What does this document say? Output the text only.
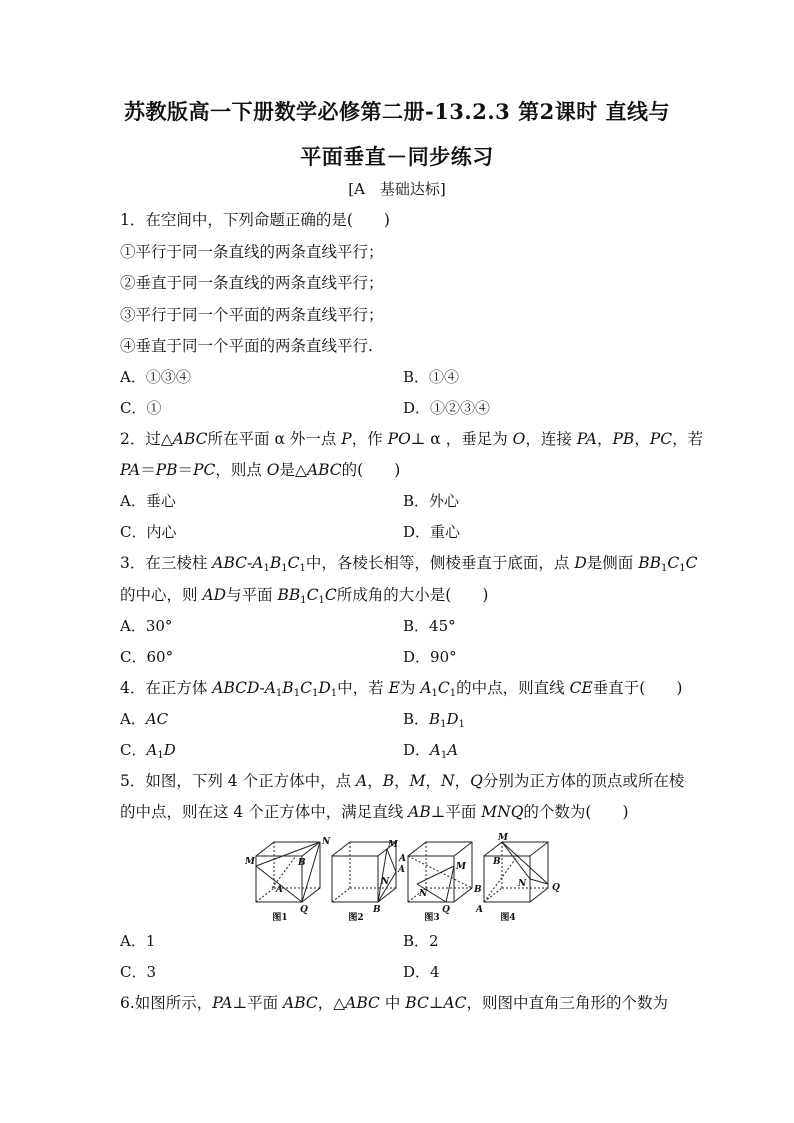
苏教版高一下册数学必修第二册-13.2.3 第2课时 直线与
平面垂直－同步练习
[A　基础达标]
1．在空间中，下列命题正确的是(　　)
①平行于同一条直线的两条直线平行；
②垂直于同一条直线的两条直线平行；
③平行于同一个平面的两条直线平行；
④垂直于同一个平面的两条直线平行.
A．①③④	B．①④
C．①	D．①②③④
2．过△ABC所在平面 α 外一点 P，作 PO⊥ α ，垂足为 O，连接 PA，PB，PC，若
PA＝PB＝PC，则点 O是△ABC的(　　)
A．垂心	B．外心
C．内心	D．重心
3．在三棱柱 ABC-$A_1B_1C_1$中，各棱长相等，侧棱垂直于底面，点 D是侧面 $BB_1C_1C$
的中心，则 AD与平面 $BB_1C_1C$所成角的大小是(　　)
A．30°	B．45°
C．60°	D．90°
4．在正方体 ABCD-$A_1B_1C_1D_1$中，若 E为 $A_1C_1$的中点，则直线 CE垂直于(　　)
A．AC	B．$B_1D_1$
C．$A_1D$	D．$A_1A$
5．如图，下列 4 个正方体中，点 A，B，M，N，Q分别为正方体的顶点或所在棱
的中点，则在这 4 个正方体中，满足直线 AB⊥平面 MNQ的个数为(　　)
M
N
B
A
Q	B
M
A
N
A
M
N
Q
B
M
B
N	Q
A
图1	图2	图3	图4
A．1	B．2
C．3	D．4
6.如图所示，PA⊥平面 ABC，△ABC 中 BC⊥AC，则图中直角三角形的个数为
